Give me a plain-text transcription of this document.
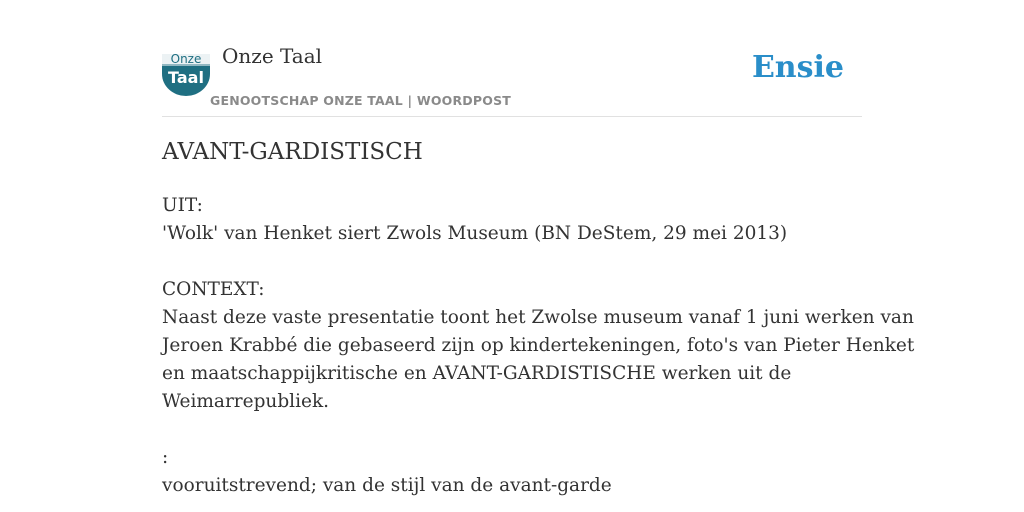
Onze
Taal
Onze Taal
GENOOTSCHAP ONZE TAAL | WOORDPOST
Ensie
AVANT-GARDISTISCH
UIT:
'Wolk' van Henket siert Zwols Museum (BN DeStem, 29 mei 2013)
CONTEXT:
Naast deze vaste presentatie toont het Zwolse museum vanaf 1 juni werken van
Jeroen Krabbé die gebaseerd zijn op kindertekeningen, foto's van Pieter Henket
en maatschappijkritische en AVANT-GARDISTISCHE werken uit de
Weimarrepubliek.
:
vooruitstrevend; van de stijl van de avant-garde
